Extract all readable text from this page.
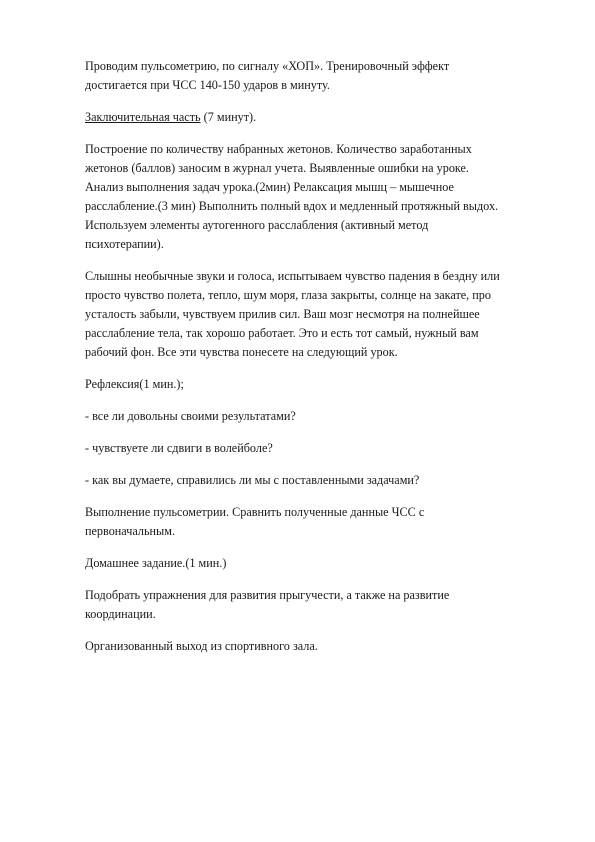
Проводим пульсометрию, по сигналу «ХОП». Тренировочный эффект
достигается при ЧСС 140-150 ударов в минуту.

Заключительная часть (7 минут).

Построение по количеству набранных жетонов. Количество заработанных
жетонов (баллов) заносим в журнал учета. Выявленные ошибки на уроке.
Анализ выполнения задач урока.(2мин) Релаксация мышц – мышечное
расслабление.(3 мин) Выполнить полный вдох и медленный протяжный выдох.
Используем элементы аутогенного расслабления (активный метод
психотерапии).

Слышны необычные звуки и голоса, испытываем чувство падения в бездну или
просто чувство полета, тепло, шум моря, глаза закрыты, солнце на закате, про
усталость забыли, чувствуем прилив сил. Ваш мозг несмотря на полнейшее
расслабление тела, так хорошо работает. Это и есть тот самый, нужный вам
рабочий фон. Все эти чувства понесете на следующий урок.

Рефлексия(1 мин.);

- все ли довольны своими результатами?

- чувствуете ли сдвиги в волейболе?

- как вы думаете, справились ли мы с поставленными задачами?

Выполнение пульсометрии. Сравнить полученные данные ЧСС с
первоначальным.

Домашнее задание.(1 мин.)

Подобрать упражнения для развития прыгучести, а также на развитие
координации.

Организованный выход из спортивного зала.
